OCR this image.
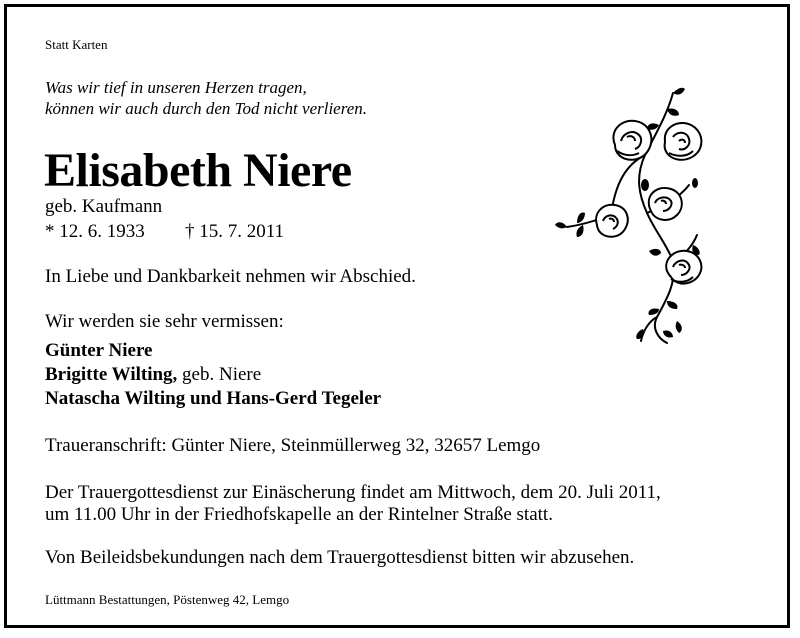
Statt Karten
Was wir tief in unseren Herzen tragen,
können wir auch durch den Tod nicht verlieren.
Elisabeth Niere
geb. Kaufmann
* 12. 6. 1933 † 15. 7. 2011
In Liebe und Dankbarkeit nehmen wir Abschied.
Wir werden sie sehr vermissen:
Günter Niere
Brigitte Wilting, geb. Niere
Natascha Wilting und Hans-Gerd Tegeler
Traueranschrift: Günter Niere, Steinmüllerweg 32, 32657 Lemgo
Der Trauergottesdienst zur Einäscherung findet am Mittwoch, dem 20. Juli 2011,
um 11.00 Uhr in der Friedhofskapelle an der Rintelner Straße statt.
Von Beileidsbekundungen nach dem Trauergottesdienst bitten wir abzusehen.
Lüttmann Bestattungen, Pöstenweg 42, Lemgo
